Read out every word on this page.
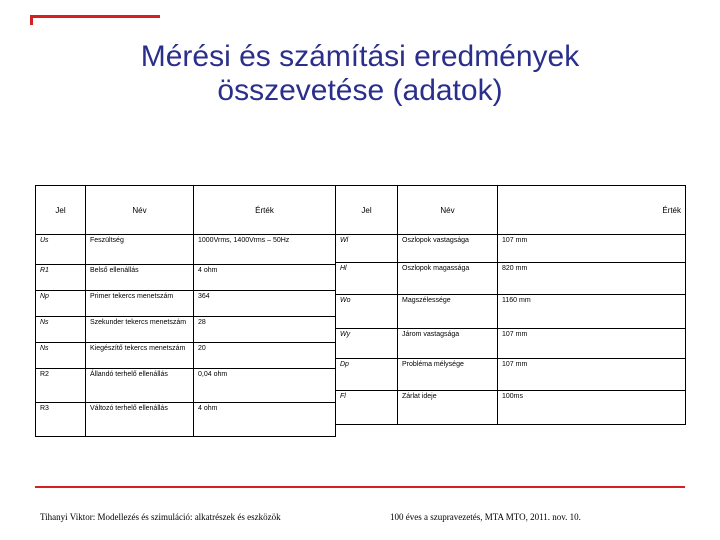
Mérési és számítási eredmények
összevetése (adatok)
Jel	Név	Érték
Us	Feszültség	1000Vrms, 1400Vrms – 50Hz
R1	Belső ellenállás	4 ohm
Np	Primer tekercs menetszám	364
Ns	Szekunder tekercs menetszám	28
Ns	Kiegészítő tekercs menetszám	20
R2	Állandó terhelő ellenállás	0,04 ohm
R3	Változó terhelő ellenállás	4 ohm
Jel	Név	Érték
Wl	Oszlopok vastagsága	107 mm
Hl	Oszlopok magassága	820 mm
Wo	Magszélessége	1160 mm
Wy	Járom vastagsága	107 mm
Dp	Probléma mélysége	107 mm
Fl	Zárlat ideje	100ms
Tihanyi Viktor: Modellezés és szimuláció: alkatrészek és eszközök	100 éves a szupravezetés, MTA MTO, 2011. nov. 10.
